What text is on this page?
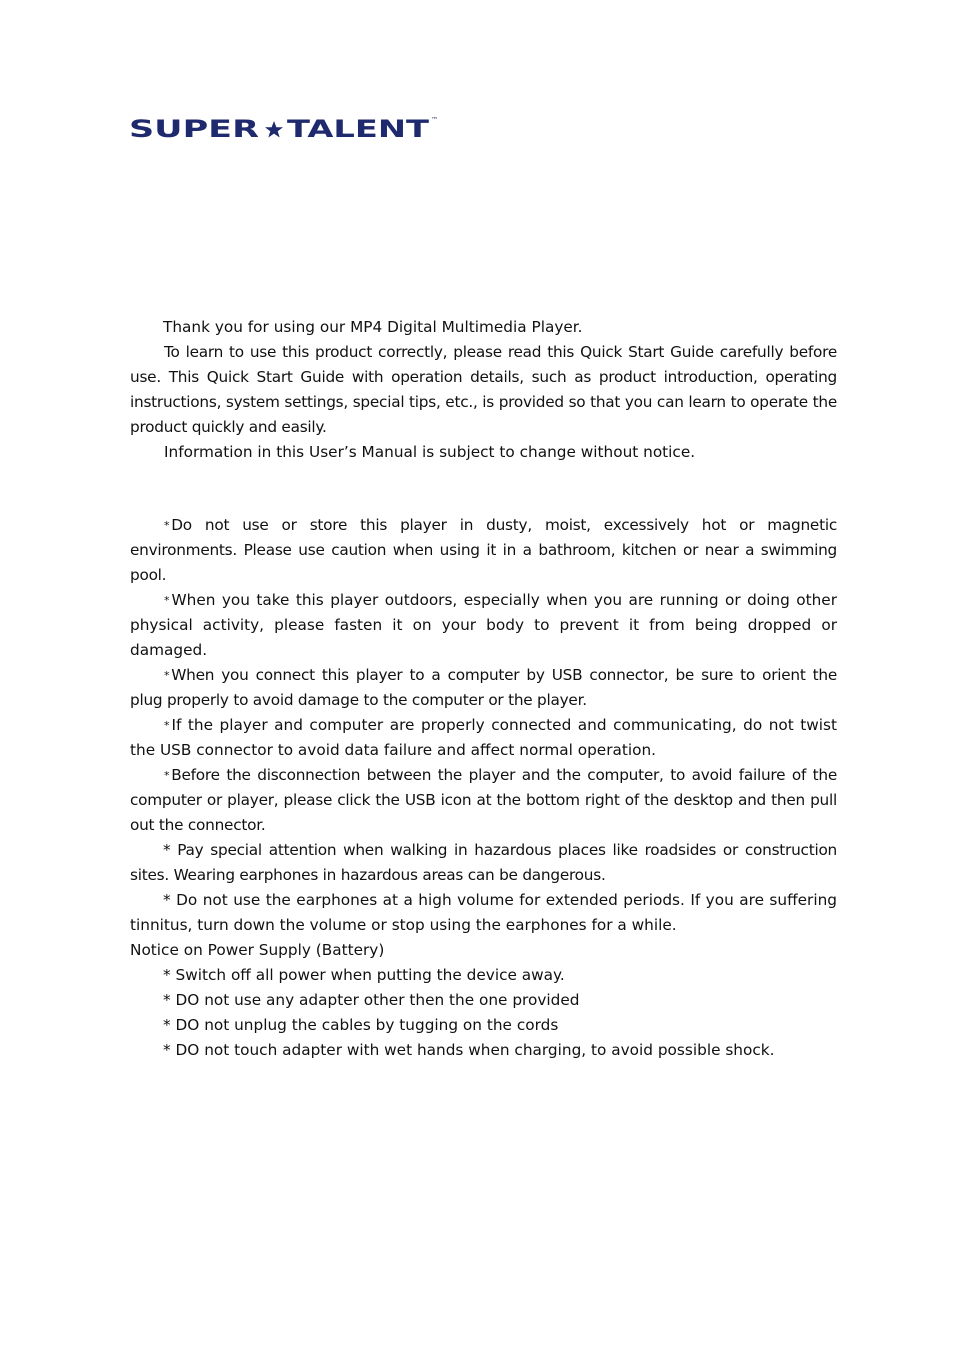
SUPER TALENT ™

Thank you for using our MP4 Digital Multimedia Player.

To learn to use this product correctly, please read this Quick Start Guide carefully before use. This Quick Start Guide with operation details, such as product introduction, operating instructions, system settings, special tips, etc., is provided so that you can learn to operate the product quickly and easily.

Information in this User’s Manual is subject to change without notice.

* Do not use or store this player in dusty, moist, excessively hot or magnetic environments. Please use caution when using it in a bathroom, kitchen or near a swimming pool.

* When you take this player outdoors, especially when you are running or doing other physical activity, please fasten it on your body to prevent it from being dropped or damaged.

* When you connect this player to a computer by USB connector, be sure to orient the plug properly to avoid damage to the computer or the player.

* If the player and computer are properly connected and communicating, do not twist the USB connector to avoid data failure and affect normal operation.

* Before the disconnection between the player and the computer, to avoid failure of the computer or player, please click the USB icon at the bottom right of the desktop and then pull out the connector.

* Pay special attention when walking in hazardous places like roadsides or construction sites. Wearing earphones in hazardous areas can be dangerous.

* Do not use the earphones at a high volume for extended periods. If you are suffering tinnitus, turn down the volume or stop using the earphones for a while.

Notice on Power Supply (Battery)

* Switch off all power when putting the device away.

* DO not use any adapter other then the one provided

* DO not unplug the cables by tugging on the cords

* DO not touch adapter with wet hands when charging, to avoid possible shock.
